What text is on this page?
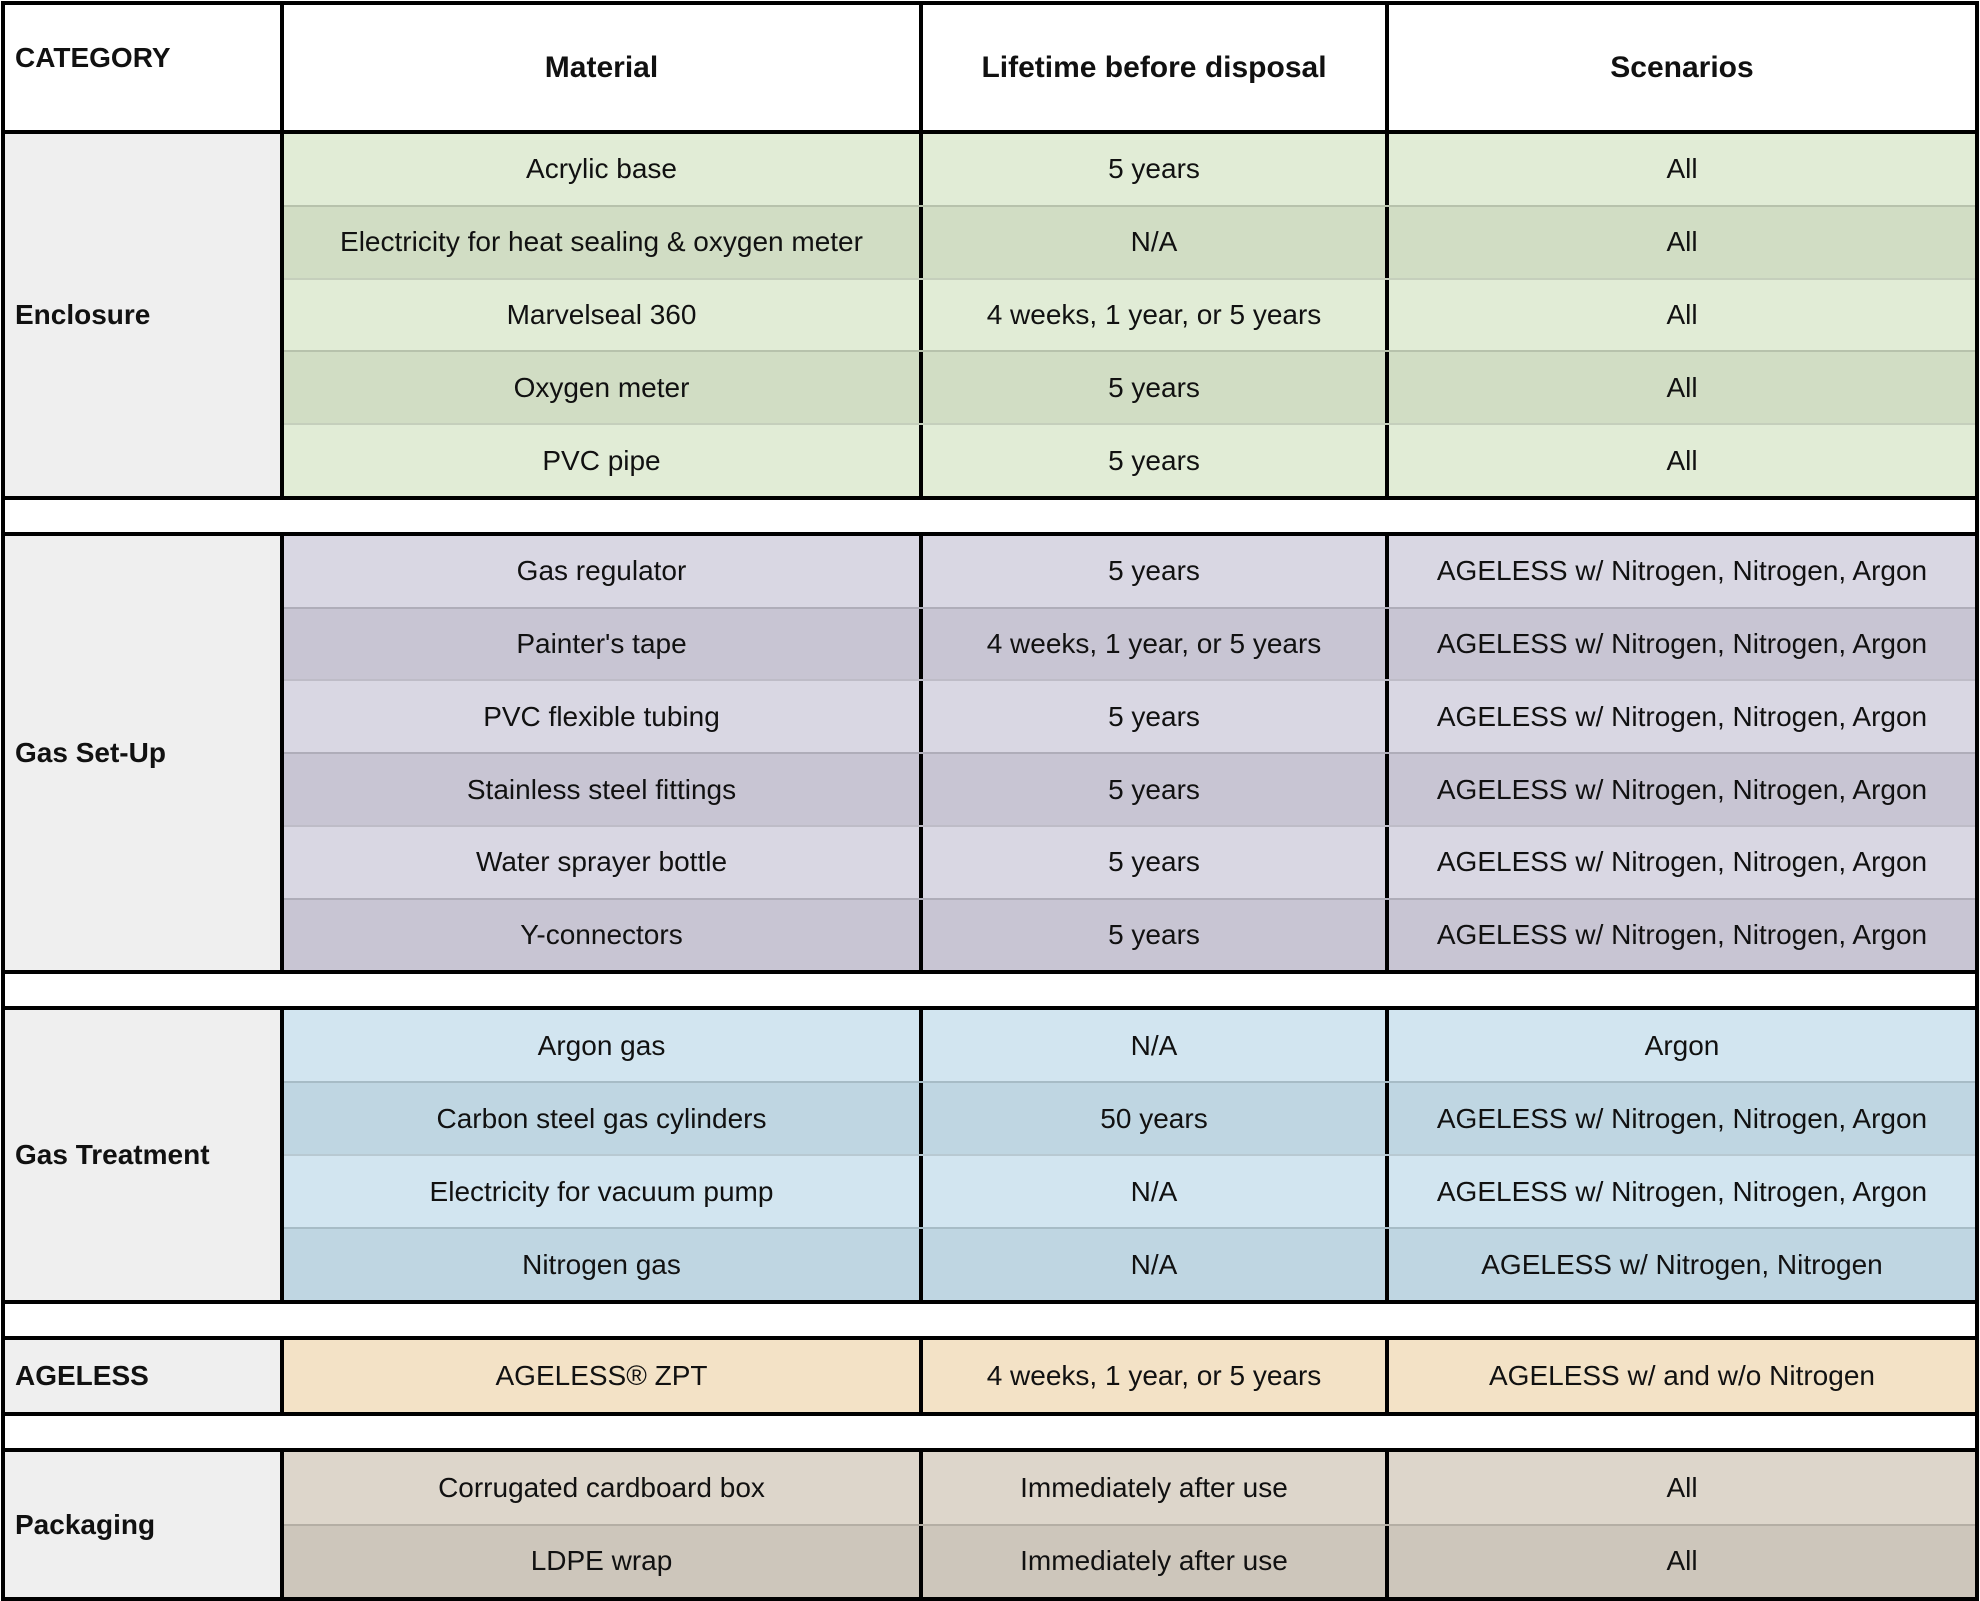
CATEGORY	Material	Lifetime before disposal	Scenarios
Enclosure
Acrylic base	5 years	All
Electricity for heat sealing & oxygen meter	N/A	All
Marvelseal 360	4 weeks, 1 year, or 5 years	All
Oxygen meter	5 years	All
PVC pipe	5 years	All
Gas Set-Up
Gas regulator	5 years	AGELESS w/ Nitrogen, Nitrogen, Argon
Painter's tape	4 weeks, 1 year, or 5 years	AGELESS w/ Nitrogen, Nitrogen, Argon
PVC flexible tubing	5 years	AGELESS w/ Nitrogen, Nitrogen, Argon
Stainless steel fittings	5 years	AGELESS w/ Nitrogen, Nitrogen, Argon
Water sprayer bottle	5 years	AGELESS w/ Nitrogen, Nitrogen, Argon
Y-connectors	5 years	AGELESS w/ Nitrogen, Nitrogen, Argon
Gas Treatment
Argon gas	N/A	Argon
Carbon steel gas cylinders	50 years	AGELESS w/ Nitrogen, Nitrogen, Argon
Electricity for vacuum pump	N/A	AGELESS w/ Nitrogen, Nitrogen, Argon
Nitrogen gas	N/A	AGELESS w/ Nitrogen, Nitrogen
AGELESS	AGELESS® ZPT	4 weeks, 1 year, or 5 years	AGELESS w/ and w/o Nitrogen
Packaging
Corrugated cardboard box	Immediately after use	All
LDPE wrap	Immediately after use	All
